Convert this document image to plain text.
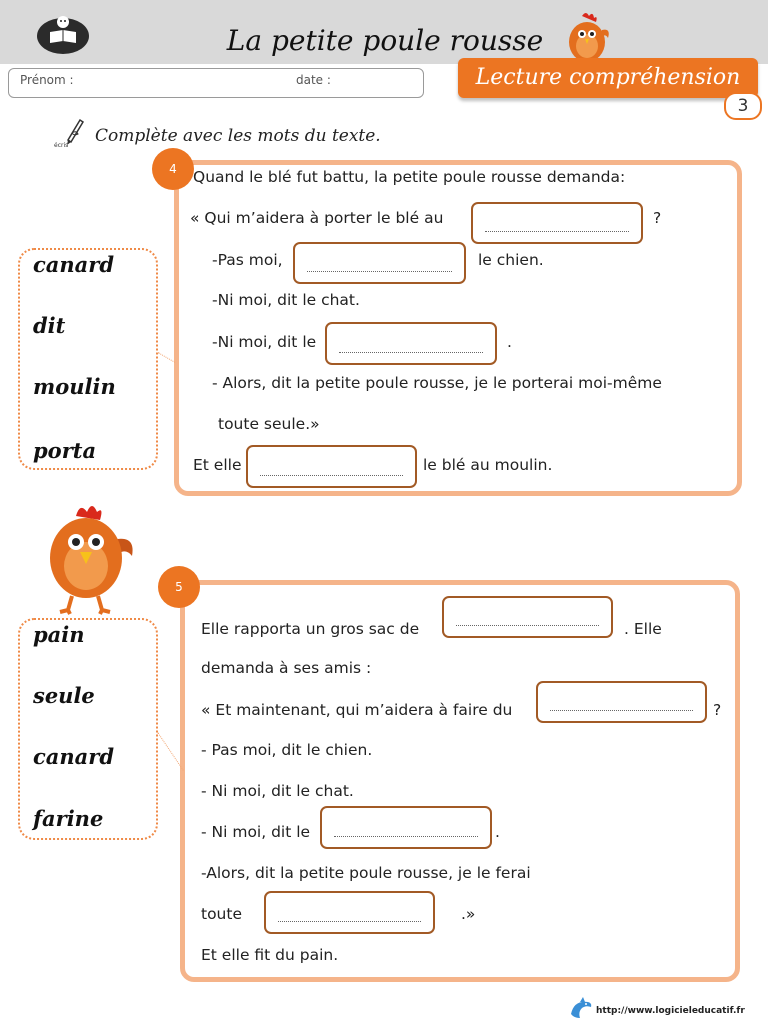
La petite poule rousse
Prénom :	date :	Lecture compréhension
3
écris Complète avec les mots du texte.
4
canard
dit
moulin
porta
Quand le blé fut battu, la petite poule rousse demanda:
« Qui m’aidera à porter le blé au	?
-Pas moi,	le chien.
-Ni moi, dit le chat.
-Ni moi, dit le	.
- Alors, dit la petite poule rousse, je le porterai moi-même
toute seule.»
Et elle	le blé au moulin.
5
pain
seule
canard
farine
Elle rapporta un gros sac de	. Elle
demanda à ses amis :
« Et maintenant, qui m’aidera à faire du	?
- Pas moi, dit le chien.
- Ni moi, dit le chat.
- Ni moi, dit le	.
-Alors, dit la petite poule rousse, je le ferai
toute	.»
Et elle fit du pain.
http://www.logicieleducatif.fr
